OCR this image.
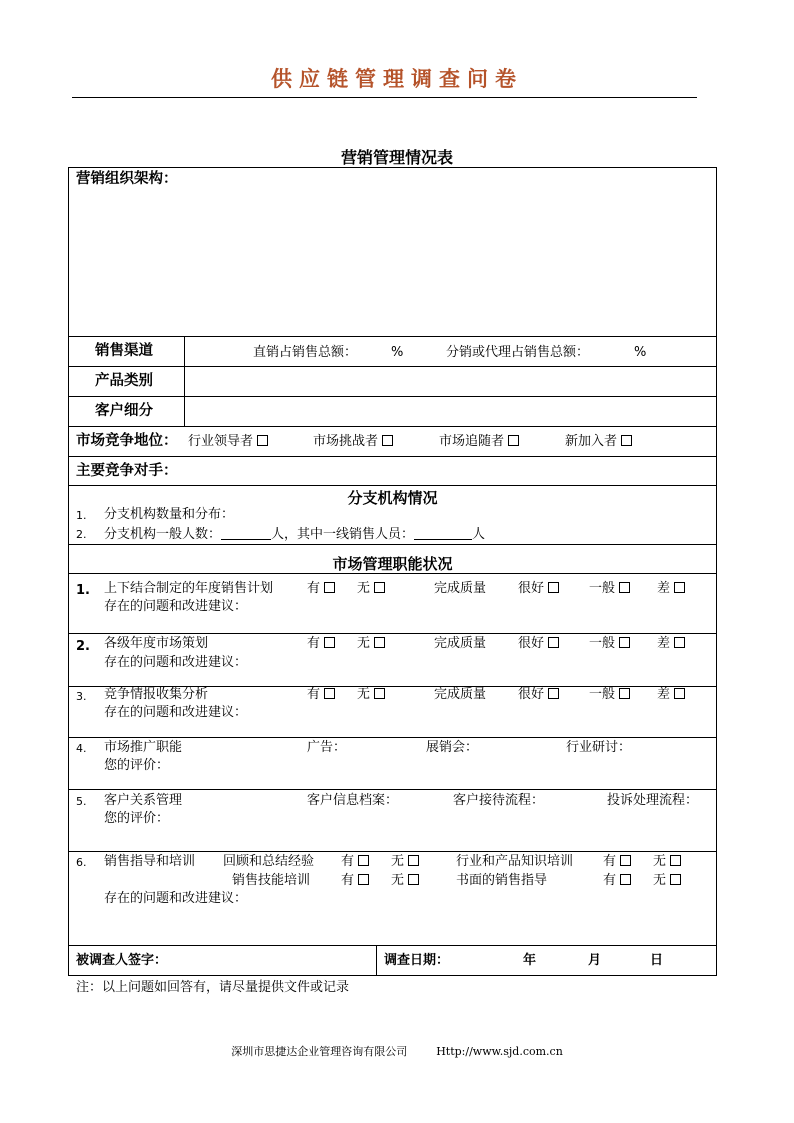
供应链管理调查问卷
营销管理情况表
营销组织架构：
销售渠道	直销占销售总额：	%	分销或代理占销售总额：	%
产品类别
客户细分
市场竞争地位： 行业领导者	市场挑战者	市场追随者	新加入者
主要竞争对手：
分支机构情况
1. 分支机构数量和分布：
2. 分支机构一般人数：	人，其中一线销售人员：	人
市场管理职能状况
1. 上下结合制定的年度销售计划	有	无	完成质量 很好	一般	差
存在的问题和改进建议：
2. 各级年度市场策划	有	无	完成质量 很好	一般	差
存在的问题和改进建议：
3. 竞争情报收集分析	有	无	完成质量 很好	一般	差
存在的问题和改进建议：
4. 市场推广职能	广告：	展销会：	行业研讨：
您的评价：
5. 客户关系管理	客户信息档案：	客户接待流程：	投诉处理流程：
您的评价：
6. 销售指导和培训 回顾和总结经验 有	无	行业和产品知识培训 有	无
销售技能培训 有	无	书面的销售指导	有	无
存在的问题和改进建议：
被调查人签字：	调查日期：	年	月	日
注：以上问题如回答有，请尽量提供文件或记录
深圳市思捷达企业管理咨询有限公司	Http://www.sjd.com.cn
